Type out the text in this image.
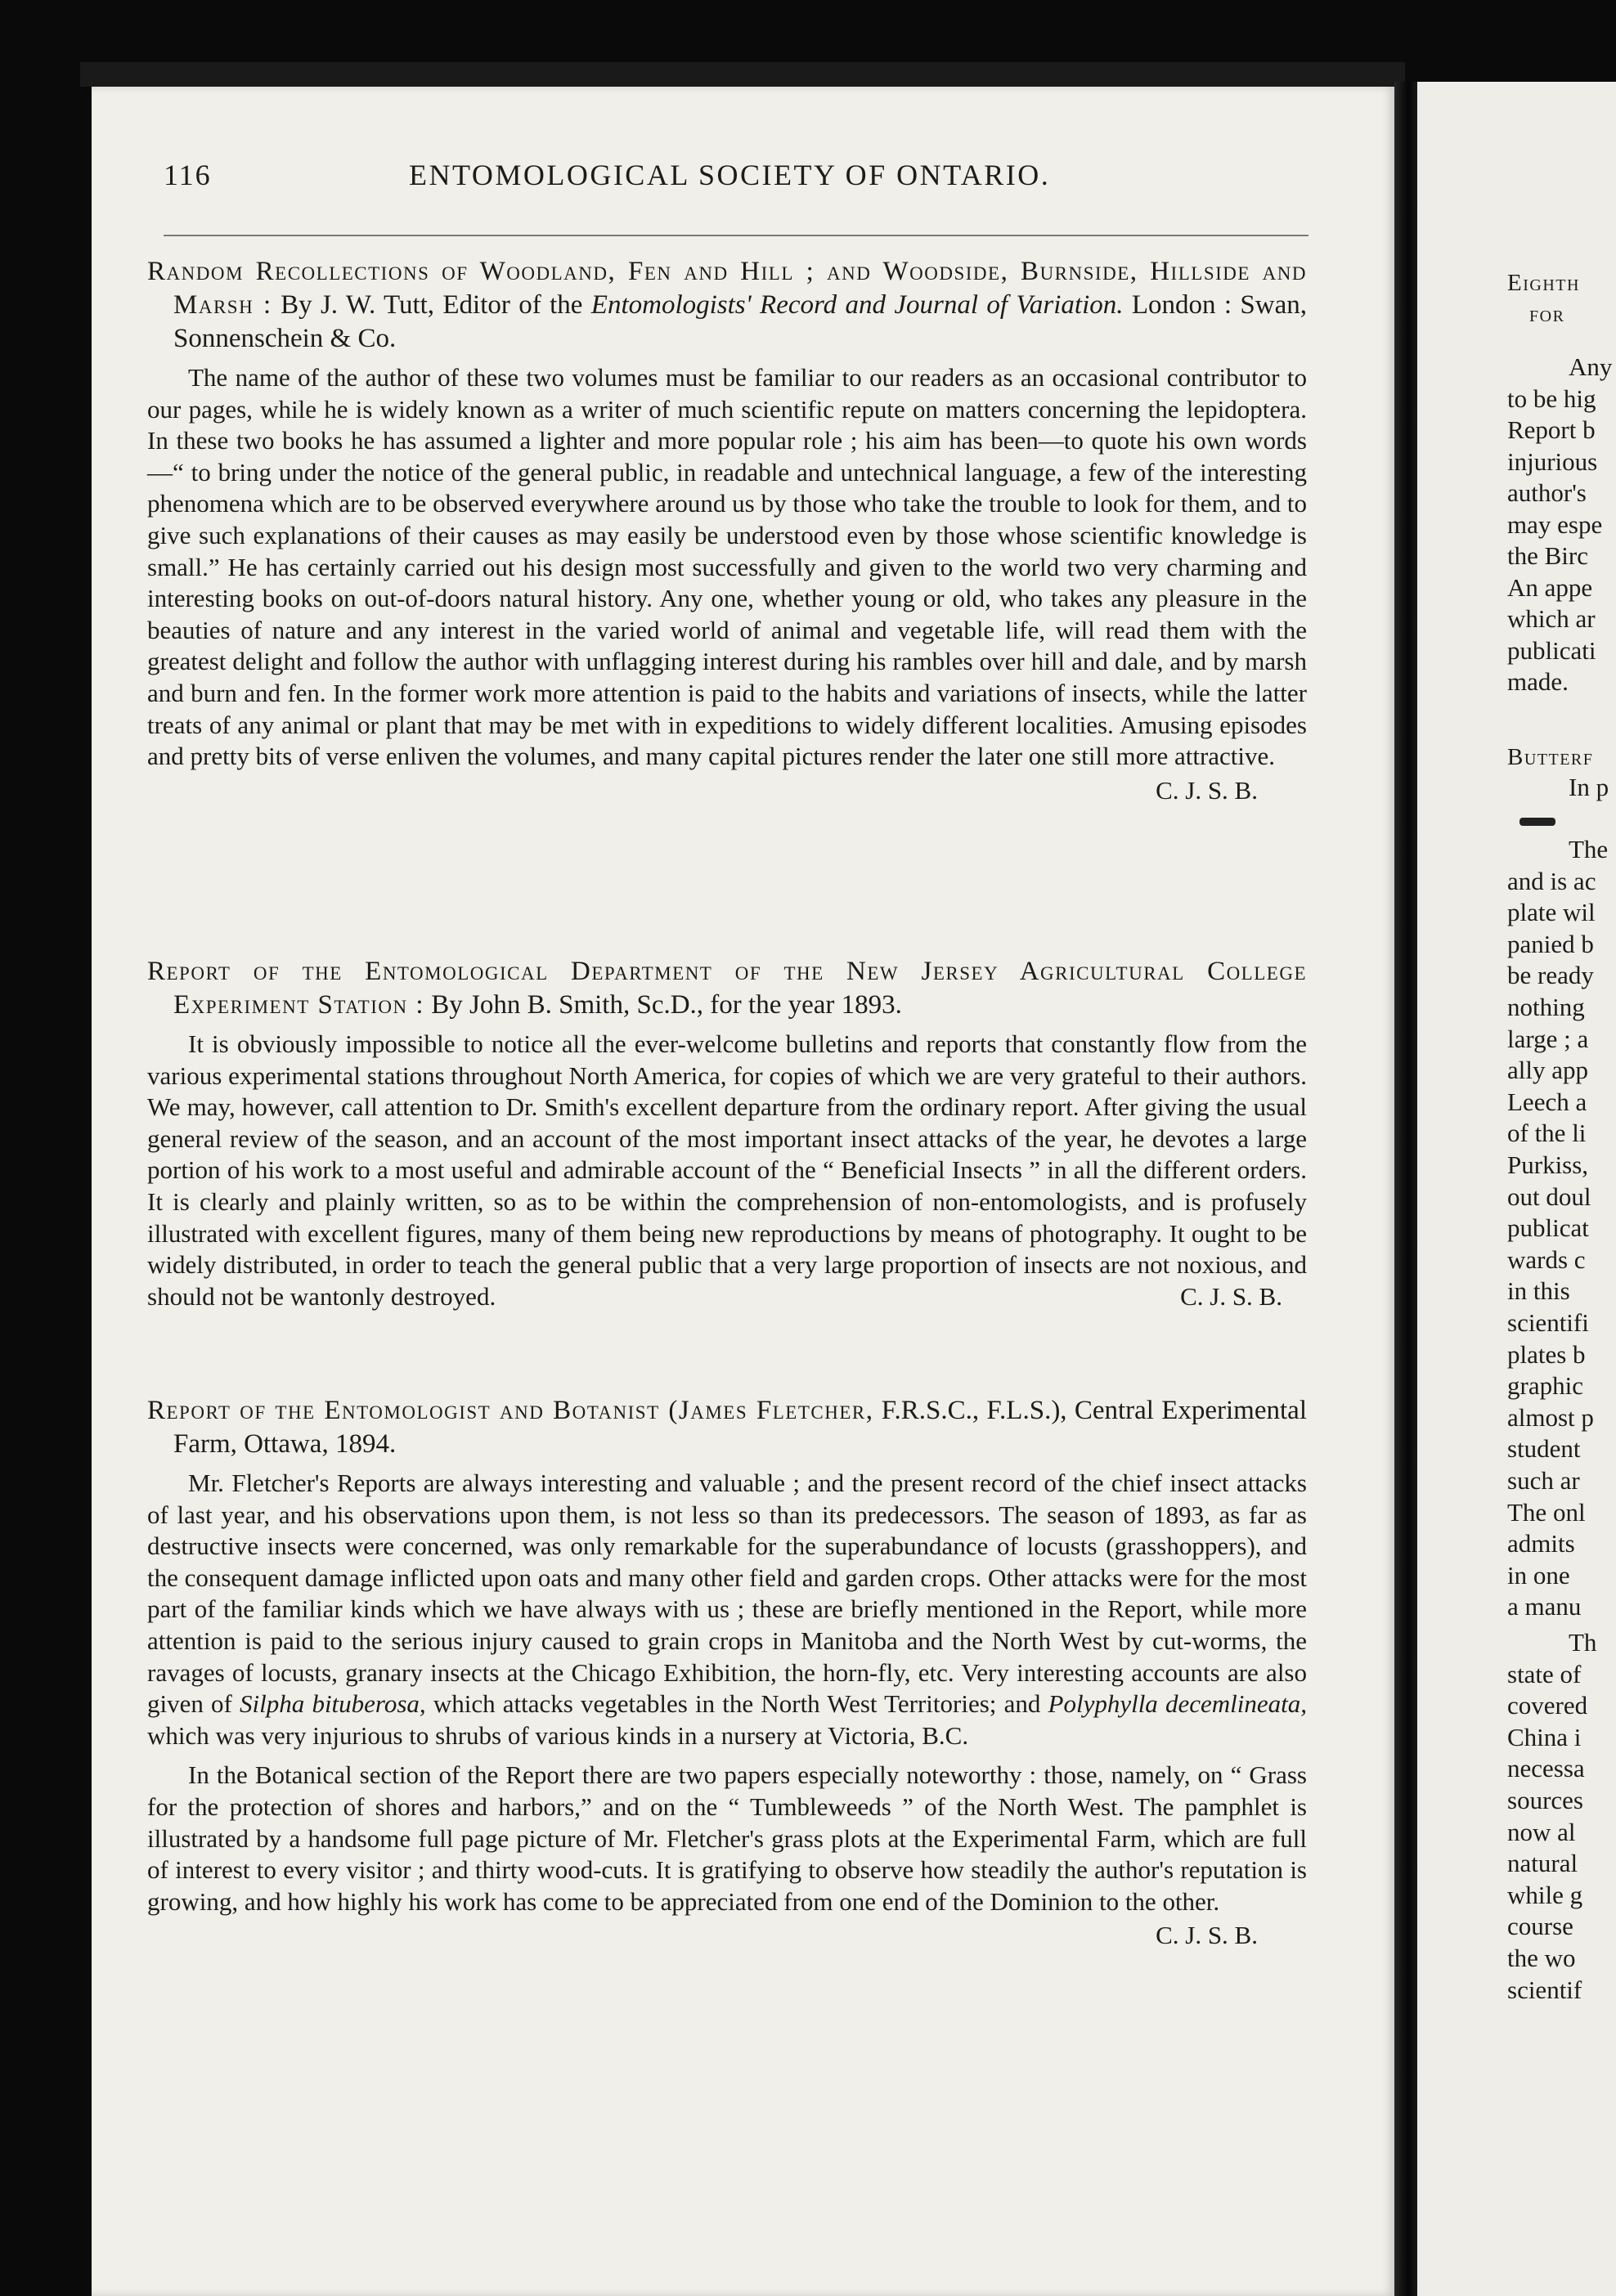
116	ENTOMOLOGICAL SOCIETY OF ONTARIO.

Random Recollections of Woodland, Fen and Hill ; and Woodside, Burnside, Hillside and Marsh : By J. W. Tutt, Editor of the Entomologists' Record and Journal of Variation. London : Swan, Sonnenschein & Co.

The name of the author of these two volumes must be familiar to our readers as an occasional contributor to our pages, while he is widely known as a writer of much scientific repute on matters concerning the lepidoptera. In these two books he has assumed a lighter and more popular role ; his aim has been—to quote his own words—“ to bring under the notice of the general public, in readable and untechnical language, a few of the interesting phenomena which are to be observed everywhere around us by those who take the trouble to look for them, and to give such explanations of their causes as may easily be understood even by those whose scientific knowledge is small.” He has certainly carried out his design most successfully and given to the world two very charming and interesting books on out-of-doors natural history. Any one, whether young or old, who takes any pleasure in the beauties of nature and any interest in the varied world of animal and vegetable life, will read them with the greatest delight and follow the author with unflagging interest during his rambles over hill and dale, and by marsh and burn and fen. In the former work more attention is paid to the habits and variations of insects, while the latter treats of any animal or plant that may be met with in expeditions to widely different localities. Amusing episodes and pretty bits of verse enliven the volumes, and many capital pictures render the later one still more attractive.

C. J. S. B.

Report of the Entomological Department of the New Jersey Agricultural College Experiment Station : By John B. Smith, Sc.D., for the year 1893.

It is obviously impossible to notice all the ever-welcome bulletins and reports that constantly flow from the various experimental stations throughout North America, for copies of which we are very grateful to their authors. We may, however, call attention to Dr. Smith's excellent departure from the ordinary report. After giving the usual general review of the season, and an account of the most important insect attacks of the year, he devotes a large portion of his work to a most useful and admirable account of the “ Beneficial Insects ” in all the different orders. It is clearly and plainly written, so as to be within the comprehension of non-entomologists, and is profusely illustrated with excellent figures, many of them being new reproductions by means of photography. It ought to be widely distributed, in order to teach the general public that a very large proportion of insects are not noxious, and should not be wantonly destroyed.	C. J. S. B.

Report of the Entomologist and Botanist (James Fletcher, F.R.S.C., F.L.S.), Central Experimental Farm, Ottawa, 1894.

Mr. Fletcher's Reports are always interesting and valuable ; and the present record of the chief insect attacks of last year, and his observations upon them, is not less so than its predecessors. The season of 1893, as far as destructive insects were concerned, was only remarkable for the superabundance of locusts (grasshoppers), and the consequent damage inflicted upon oats and many other field and garden crops. Other attacks were for the most part of the familiar kinds which we have always with us ; these are briefly mentioned in the Report, while more attention is paid to the serious injury caused to grain crops in Manitoba and the North West by cut-worms, the ravages of locusts, granary insects at the Chicago Exhibition, the horn-fly, etc. Very interesting accounts are also given of Silpha bituberosa, which attacks vegetables in the North West Territories; and Polyphylla decemlineata, which was very injurious to shrubs of various kinds in a nursery at Victoria, B.C.

In the Botanical section of the Report there are two papers especially noteworthy : those, namely, on “ Grass for the protection of shores and harbors,” and on the “ Tumbleweeds ” of the North West. The pamphlet is illustrated by a handsome full page picture of Mr. Fletcher's grass plots at the Experimental Farm, which are full of interest to every visitor ; and thirty wood-cuts. It is gratifying to observe how steadily the author's reputation is growing, and how highly his work has come to be appreciated from one end of the Dominion to the other.

C. J. S. B.
Eighth
for
Any
to be hig
Report b
injurious
author's
may espe
the Birc
An appe
which ar
publicati
made.
Butterf
In p
The
and is ac
plate wil
panied b
be ready
nothing
large ; a
ally app
Leech a
of the li
Purkiss,
out doul
publicat
wards c
in this
scientifi
plates b
graphic
almost p
student
such ar
The onl
admits
in one
a manu
Th
state of
covered
China i
necessa
sources
now al
natural
while g
course
the wo
scientif
